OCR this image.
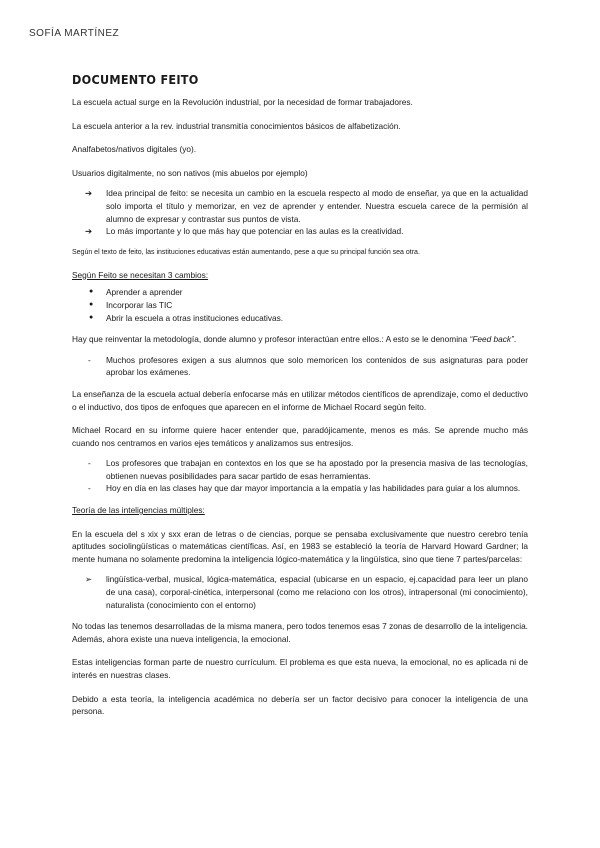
SOFÍA MARTÍNEZ
DOCUMENTO FEITO

La escuela actual surge en la Revolución industrial, por la necesidad de formar trabajadores.

La escuela anterior a la rev. industrial transmitía conocimientos básicos de alfabetización.

Analfabetos/nativos digitales (yo).

Usuarios digitalmente, no son nativos (mis abuelos por ejemplo)

➔ Idea principal de feito: se necesita un cambio en la escuela respecto al modo de enseñar, ya que en la actualidad solo importa el título y memorizar, en vez de aprender y entender. Nuestra escuela carece de la permisión al alumno de expresar y contrastar sus puntos de vista.
➔ Lo más importante y lo que más hay que potenciar en las aulas es la creatividad.

Según el texto de feito, las instituciones educativas están aumentando, pese a que su principal función sea otra.

Según Feito se necesitan 3 cambios:

● Aprender a aprender
● Incorporar las TIC
● Abrir la escuela a otras instituciones educativas.

Hay que reinventar la metodología, donde alumno y profesor interactúan entre ellos.: A esto se le denomina “Feed back”.

- Muchos profesores exigen a sus alumnos que solo memoricen los contenidos de sus asignaturas para poder aprobar los exámenes.

La enseñanza de la escuela actual debería enfocarse más en utilizar métodos científicos de aprendizaje, como el deductivo o el inductivo, dos tipos de enfoques que aparecen en el informe de Michael Rocard según feito.

Michael Rocard en su informe quiere hacer entender que, paradójicamente, menos es más. Se aprende mucho más cuando nos centramos en varios ejes temáticos y analizamos sus entresijos.

- Los profesores que trabajan en contextos en los que se ha apostado por la presencia masiva de las tecnologías, obtienen nuevas posibilidades para sacar partido de esas herramientas.
- Hoy en día en las clases hay que dar mayor importancia a la empatía y las habilidades para guiar a los alumnos.

Teoría de las inteligencias múltiples:

En la escuela del s xix y sxx eran de letras o de ciencias, porque se pensaba exclusivamente que nuestro cerebro tenía aptitudes sociolingüísticas o matemáticas científicas. Así, en 1983 se estableció la teoría de Harvard Howard Gardner; la mente humana no solamente predomina la inteligencia lógico-matemática y la lingüística, sino que tiene 7 partes/parcelas:

➢ lingüística-verbal, musical, lógica-matemática, espacial (ubicarse en un espacio, ej.capacidad para leer un plano de una casa), corporal-cinética, interpersonal (como me relaciono con los otros), intrapersonal (mi conocimiento), naturalista (conocimiento con el entorno)

No todas las tenemos desarrolladas de la misma manera, pero todos tenemos esas 7 zonas de desarrollo de la inteligencia. Además, ahora existe una nueva inteligencia, la emocional.

Estas inteligencias forman parte de nuestro currículum. El problema es que esta nueva, la emocional, no es aplicada ni de interés en nuestras clases.

Debido a esta teoría, la inteligencia académica no debería ser un factor decisivo para conocer la inteligencia de una persona.
